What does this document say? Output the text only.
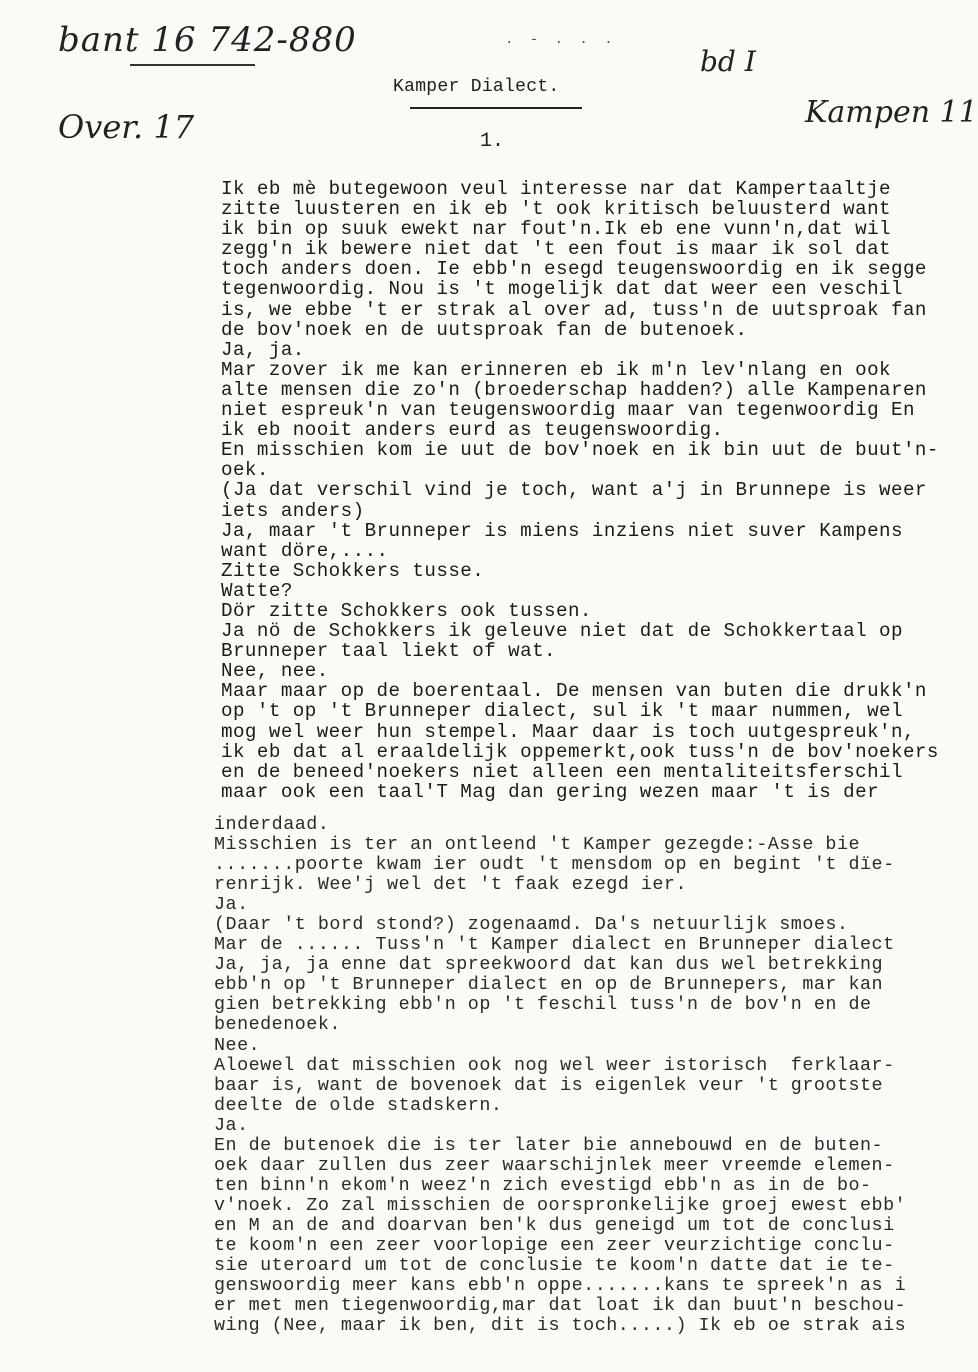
bant 16 742-880
Over. 17
. - . . .
bd I
Kampen 11
Kamper Dialect.
1.
Ik eb mè butegewoon veul interesse nar dat Kampertaaltje
zitte luusteren en ik eb 't ook kritisch beluusterd want
ik bin op suuk ewekt nar fout'n.Ik eb ene vunn'n,dat wil
zegg'n ik bewere niet dat 't een fout is maar ik sol dat
toch anders doen. Ie ebb'n esegd teugenswoordig en ik segge
tegenwoordig. Nou is 't mogelijk dat dat weer een veschil
is, we ebbe 't er strak al over ad, tuss'n de uutsproak fan
de bov'noek en de uutsproak fan de butenoek.
Ja, ja.
Mar zover ik me kan erinneren eb ik m'n lev'nlang en ook
alte mensen die zo'n (broederschap hadden?) alle Kampenaren
niet espreuk'n van teugenswoordig maar van tegenwoordig En
ik eb nooit anders eurd as teugenswoordig.
En misschien kom ie uut de bov'noek en ik bin uut de buut'n-
oek.
(Ja dat verschil vind je toch, want a'j in Brunnepe is weer
iets anders)
Ja, maar 't Brunneper is miens inziens niet suver Kampens
want döre,....
Zitte Schokkers tusse.
Watte?
Dör zitte Schokkers ook tussen.
Ja nö de Schokkers ik geleuve niet dat de Schokkertaal op
Brunneper taal liekt of wat.
Nee, nee.
Maar maar op de boerentaal. De mensen van buten die drukk'n
op 't op 't Brunneper dialect, sul ik 't maar nummen, wel
mog wel weer hun stempel. Maar daar is toch uutgespreuk'n,
ik eb dat al eraaldelijk oppemerkt,ook tuss'n de bov'noekers
en de beneed'noekers niet alleen een mentaliteitsferschil
maar ook een taal'T Mag dan gering wezen maar 't is der
inderdaad.
Misschien is ter an ontleend 't Kamper gezegde:-Asse bie
.......poorte kwam ier oudt 't mensdom op en begint 't dïe-
renrijk. Wee'j wel det 't faak ezegd ier.
Ja.
(Daar 't bord stond?) zogenaamd. Da's netuurlijk smoes.
Mar de ...... Tuss'n 't Kamper dialect en Brunneper dialect
Ja, ja, ja enne dat spreekwoord dat kan dus wel betrekking
ebb'n op 't Brunneper dialect en op de Brunnepers, mar kan
gien betrekking ebb'n op 't feschil tuss'n de bov'n en de
benedenoek.
Nee.
Aloewel dat misschien ook nog wel weer istorisch  ferklaar-
baar is, want de bovenoek dat is eigenlek veur 't grootste
deelte de olde stadskern.
Ja.
En de butenoek die is ter later bie annebouwd en de buten-
oek daar zullen dus zeer waarschijnlek meer vreemde elemen-
ten binn'n ekom'n weez'n zich evestigd ebb'n as in de bo-
v'noek. Zo zal misschien de oorspronkelijke groej ewest ebb'
en M an de and doarvan ben'k dus geneigd um tot de conclusi
te koom'n een zeer voorlopige een zeer veurzichtige conclu-
sie uteroard um tot de conclusie te koom'n datte dat ie te-
genswoordig meer kans ebb'n oppe.......kans te spreek'n as i
er met men tiegenwoordig,mar dat loat ik dan buut'n beschou-
wing (Nee, maar ik ben, dit is toch.....) Ik eb oe strak ais
